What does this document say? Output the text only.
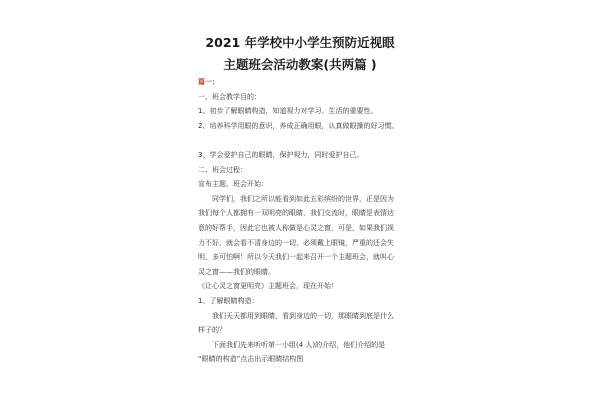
2021 年学校中小学生预防近视眼
主题班会活动教案(共两篇 )
篇一：
一、班会教学目的：
1、初步了解眼睛构造，知道视力对学习、生活的重要性。
2、培养科学用眼的意识，养成正确用眼，认真做眼操的好习惯。
3、学会爱护自己的眼睛，保护视力，同时爱护自己。
二、班会过程：
宣布主题，班会开始：
同学们，我们之所以能看到如此五彩缤纷的世界，正是因为
我们每个人都拥有一双明亮的眼睛，我们交流时，眼睛是表情达
意的好帮手，因此它也被人称做是心灵之窗，可是，如果我们视
力不好，就会看不清身边的一切，必须戴上眼镜，严重的还会失
明，多可怕啊！所以今天我们一起来召开一个主题班会，就叫心
灵之窗——我们的眼睛。
《让心灵之窗更明亮》主题班会，现在开始！
1、了解眼睛构造：
我们天天都用到眼睛，看到身边的一切，那眼睛到底是什么
样子的？
下面我们先来听听第一小组(4 人)的介绍，他们介绍的是
“眼睛的构造”点击出示眼睛结构图
